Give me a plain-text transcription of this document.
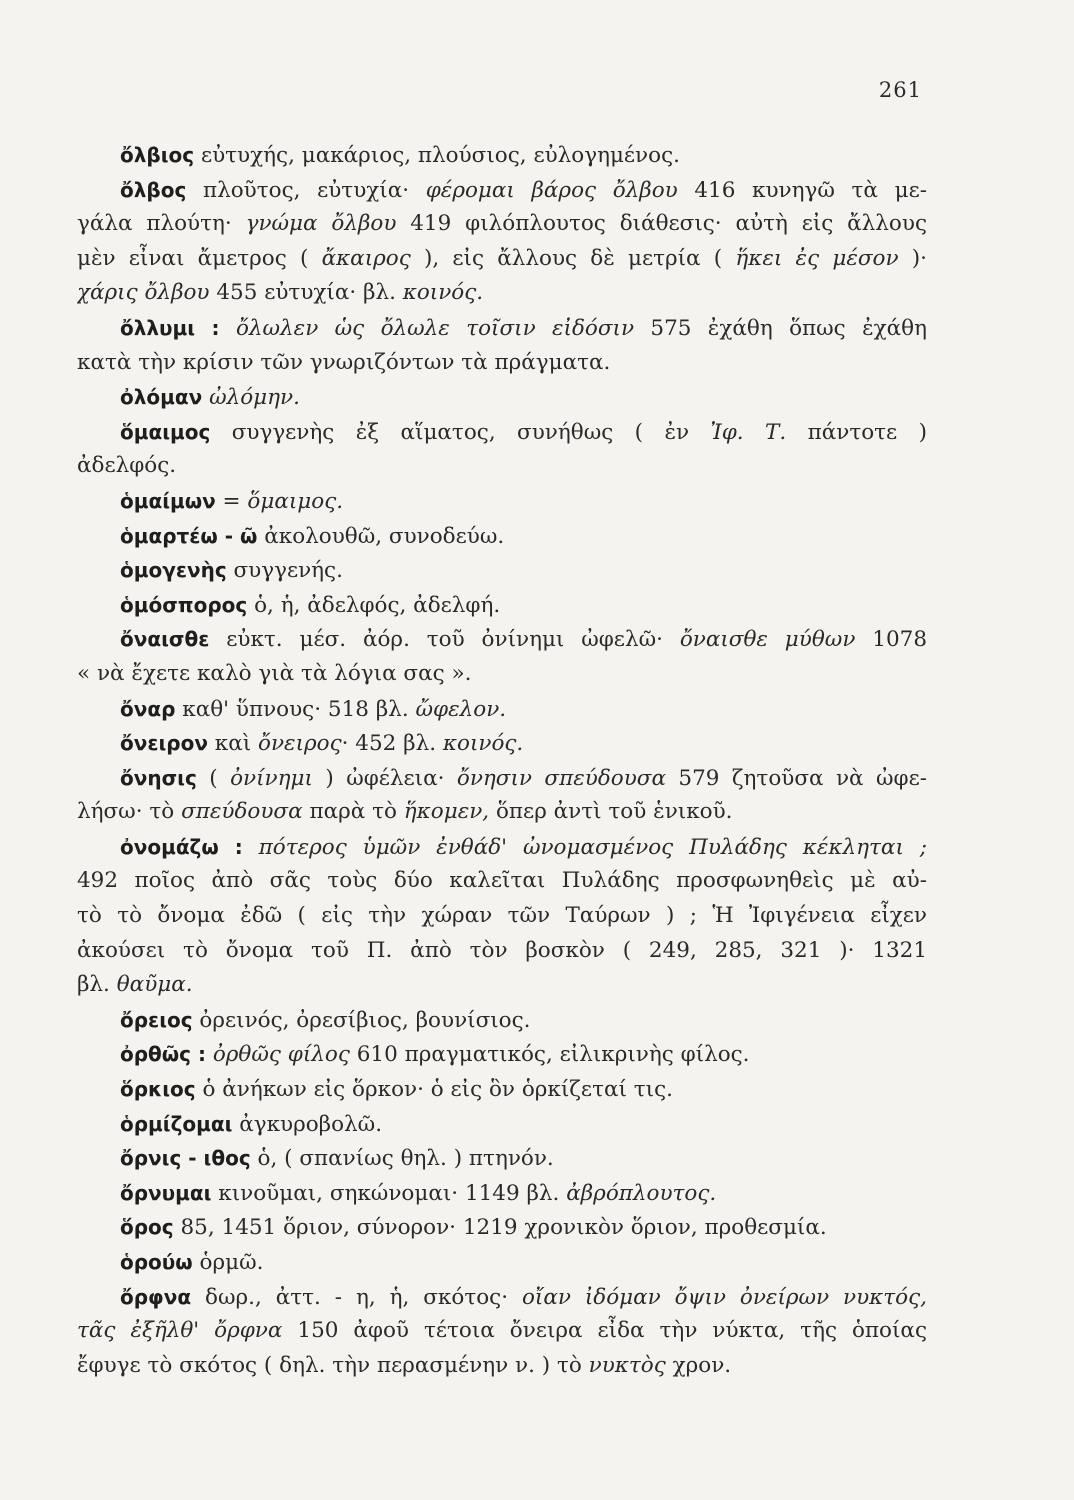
261
ὄλβιος εὐτυχής, μακάριος, πλούσιος, εὐλογημένος.
ὄλβος πλοῦτος, εὐτυχία· φέρομαι βάρος ὄλβου 416 κυνηγῶ τὰ με-
γάλα πλούτη· γνώμα ὄλβου 419 φιλόπλουτος διάθεσις· αὐτὴ εἰς ἄλλους
μὲν εἶναι ἄμετρος ( ἄκαιρος ), εἰς ἄλλους δὲ μετρία ( ἥκει ἐς μέσον )·
χάρις ὄλβου 455 εὐτυχία· βλ. κοινός.
ὄλλυμι : ὄλωλεν ὡς ὄλωλε τοῖσιν εἰδόσιν 575 ἐχάθη ὅπως ἐχάθη
κατὰ τὴν κρίσιν τῶν γνωριζόντων τὰ πράγματα.
ὀλόμαν ὠλόμην.
ὅμαιμος συγγενὴς ἐξ αἵματος, συνήθως ( ἐν Ἰφ. Τ. πάντοτε )
ἀδελφός.
ὁμαίμων = ὅμαιμος.
ὁμαρτέω - ῶ ἀκολουθῶ, συνοδεύω.
ὁμογενὴς συγγενής.
ὁμόσπορος ὁ, ἡ, ἀδελφός, ἀδελφή.
ὄναισθε εὐκτ. μέσ. ἀόρ. τοῦ ὀνίνημι ὠφελῶ· ὄναισθε μύθων 1078
« νὰ ἔχετε καλὸ γιὰ τὰ λόγια σας ».
ὄναρ καθ' ὕπνους· 518 βλ. ὤφελον.
ὄνειρον καὶ ὄνειρος· 452 βλ. κοινός.
ὄνησις ( ὀνίνημι ) ὠφέλεια· ὄνησιν σπεύδουσα 579 ζητοῦσα νὰ ὠφε-
λήσω· τὸ σπεύδουσα παρὰ τὸ ἥκομεν, ὅπερ ἀντὶ τοῦ ἑνικοῦ.
ὀνομάζω : πότερος ὑμῶν ἐνθάδ' ὠνομασμένος Πυλάδης κέκληται ;
492 ποῖος ἀπὸ σᾶς τοὺς δύο καλεῖται Πυλάδης προσφωνηθεὶς μὲ αὐ-
τὸ τὸ ὄνομα ἐδῶ ( εἰς τὴν χώραν τῶν Ταύρων ) ; Ἡ Ἰφιγένεια εἶχεν
ἀκούσει τὸ ὄνομα τοῦ Π. ἀπὸ τὸν βοσκὸν ( 249, 285, 321 )· 1321
βλ. θαῦμα.
ὄρειος ὀρεινός, ὀρεσίβιος, βουνίσιος.
ὀρθῶς : ὀρθῶς φίλος 610 πραγματικός, εἰλικρινὴς φίλος.
ὅρκιος ὁ ἀνήκων εἰς ὅρκον· ὁ εἰς ὃν ὁρκίζεταί τις.
ὁρμίζομαι ἀγκυροβολῶ.
ὄρνις - ιθος ὁ, ( σπανίως θηλ. ) πτηνόν.
ὄρνυμαι κινοῦμαι, σηκώνομαι· 1149 βλ. ἀβρόπλουτος.
ὅρος 85, 1451 ὅριον, σύνορον· 1219 χρονικὸν ὅριον, προθεσμία.
ὁρούω ὁρμῶ.
ὄρφνα δωρ., ἀττ. - η, ἡ, σκότος· οἴαν ἰδόμαν ὄψιν ὀνείρων νυκτός,
τᾶς ἐξῆλθ' ὄρφνα 150 ἀφοῦ τέτοια ὄνειρα εἶδα τὴν νύκτα, τῆς ὁποίας
ἔφυγε τὸ σκότος ( δηλ. τὴν περασμένην ν. ) τὸ νυκτὸς χρον.
